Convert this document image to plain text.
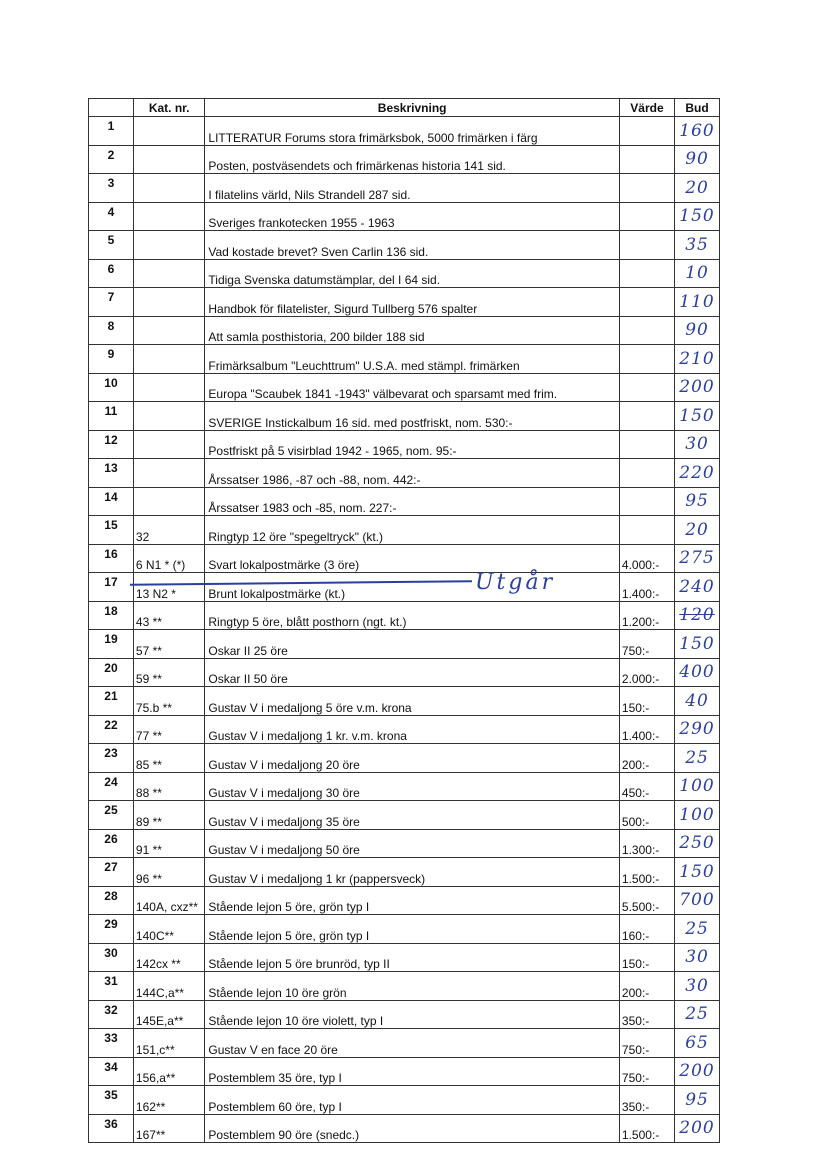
	Kat. nr.	Beskrivning	Värde	Bud
1		LITTERATUR Forums stora frimärksbok, 5000 frimärken i färg		160
2		Posten, postväsendets och frimärkenas historia 141 sid.		90
3		I filatelins värld, Nils Strandell 287 sid.		20
4		Sveriges frankotecken 1955 - 1963		150
5		Vad kostade brevet? Sven Carlin 136 sid.		35
6		Tidiga Svenska datumstämplar, del I 64 sid.		10
7		Handbok för filatelister, Sigurd Tullberg 576 spalter		110
8		Att samla posthistoria, 200 bilder 188 sid		90
9		Frimärksalbum "Leuchttrum" U.S.A. med stämpl. frimärken		210
10		Europa "Scaubek 1841 -1943" välbevarat och sparsamt med frim.		200
11		SVERIGE Instickalbum 16 sid. med postfriskt, nom. 530:-		150
12		Postfriskt på 5 visirblad 1942 - 1965, nom. 95:-		30
13		Årssatser 1986, -87 och -88, nom. 442:-		220
14		Årssatser 1983 och -85, nom. 227:-		95
15	32	Ringtyp 12 öre "spegeltryck" (kt.)		20
16	6 N1 * (*)	Svart lokalpostmärke (3 öre)	4.000:-	275
17	13 N2 *	Brunt lokalpostmärke (kt.)	1.400:-	240
18	43 **	Ringtyp 5 öre, blått posthorn (ngt. kt.)	1.200:-	120
19	57 **	Oskar II 25 öre	750:-	150
20	59 **	Oskar II 50 öre	2.000:-	400
21	75.b **	Gustav V i medaljong 5 öre v.m. krona	150:-	40
22	77 **	Gustav V i medaljong 1 kr. v.m. krona	1.400:-	290
23	85 **	Gustav V i medaljong 20 öre	200:-	25
24	88 **	Gustav V i medaljong 30 öre	450:-	100
25	89 **	Gustav V i medaljong 35 öre	500:-	100
26	91 **	Gustav V i medaljong 50 öre	1.300:-	250
27	96 **	Gustav V i medaljong 1 kr (pappersveck)	1.500:-	150
28	140A, cxz**	Stående lejon 5 öre, grön typ I	5.500:-	700
29	140C**	Stående lejon 5 öre, grön typ I	160:-	25
30	142cx **	Stående lejon 5 öre brunröd, typ II	150:-	30
31	144C,a**	Stående lejon 10 öre grön	200:-	30
32	145E,a**	Stående lejon 10 öre violett, typ I	350:-	25
33	151,c**	Gustav V en face 20 öre	750:-	65
34	156,a**	Postemblem 35 öre, typ I	750:-	200
35	162**	Postemblem 60 öre, typ I	350:-	95
36	167**	Postemblem 90 öre (snedc.)	1.500:-	200
Utgår
